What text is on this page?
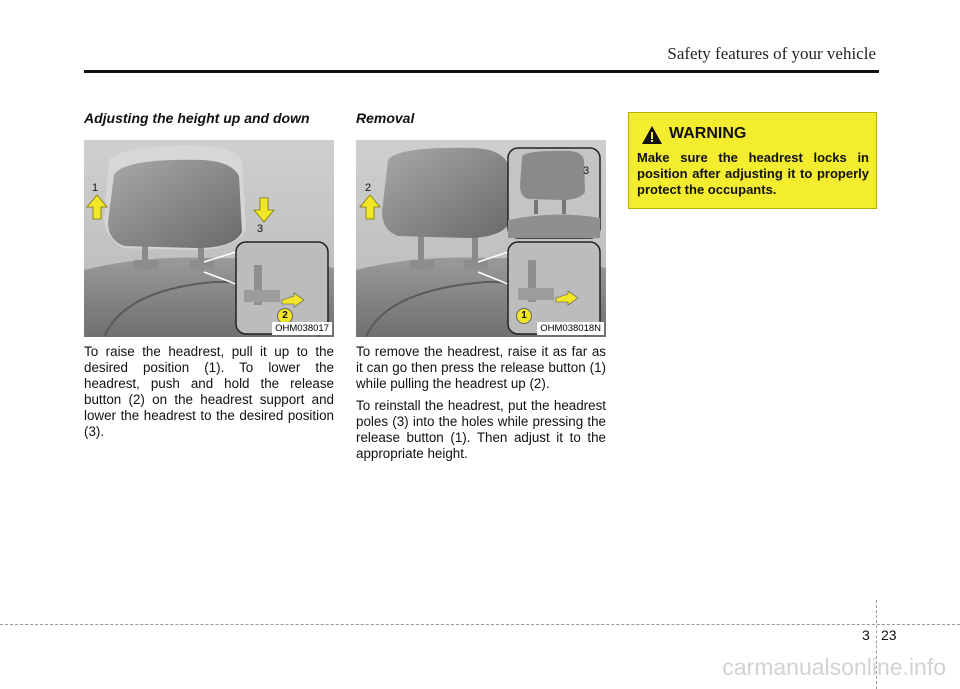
Safety features of your vehicle
Adjusting the height up and down
1
3
2
OHM038017

To raise the headrest, pull it up to the desired position (1). To lower the headrest, push and hold the release button (2) on the headrest support and lower the headrest to the desired position (3).

Removal
2
3
1
OHM038018N

To remove the headrest, raise it as far as it can go then press the release button (1) while pulling the headrest up (2).

To reinstall the headrest, put the headrest poles (3) into the holes while pressing the release button (1). Then adjust it to the appropriate height.

WARNING
Make sure the headrest locks in position after adjusting it to properly protect the occupants.
3 23
carmanualsonline.info
